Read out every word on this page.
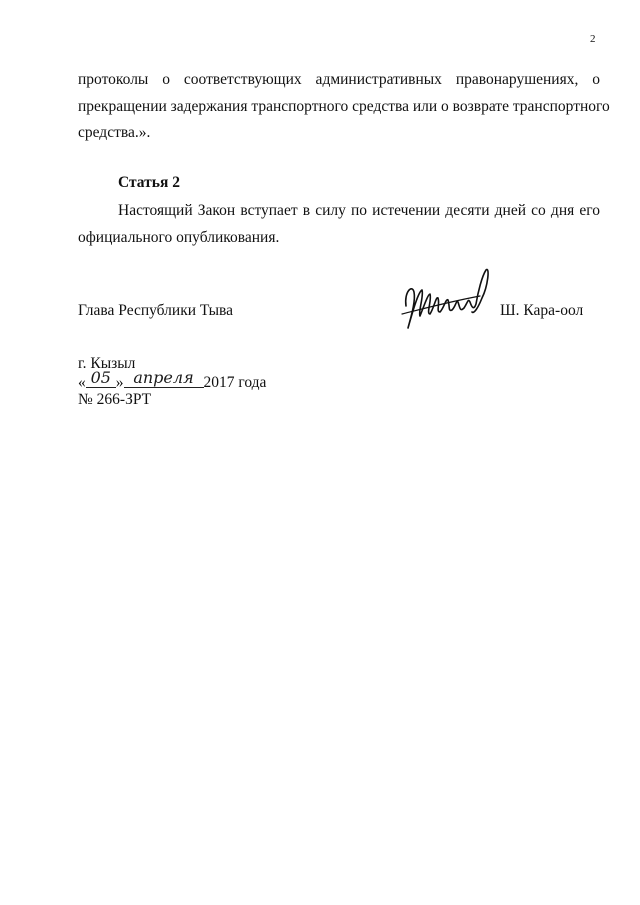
2
протоколы о соответствующих административных правонарушениях, о
прекращении задержания транспортного средства или о возврате транспортного
средства.».
Статья 2
Настоящий Закон вступает в силу по истечении десяти дней со дня его
официального опубликования.
Глава Республики Тыва	Ш. Кара-оол
г. Кызыл
« 05 » апреля 2017 года
№ 266-ЗРТ
